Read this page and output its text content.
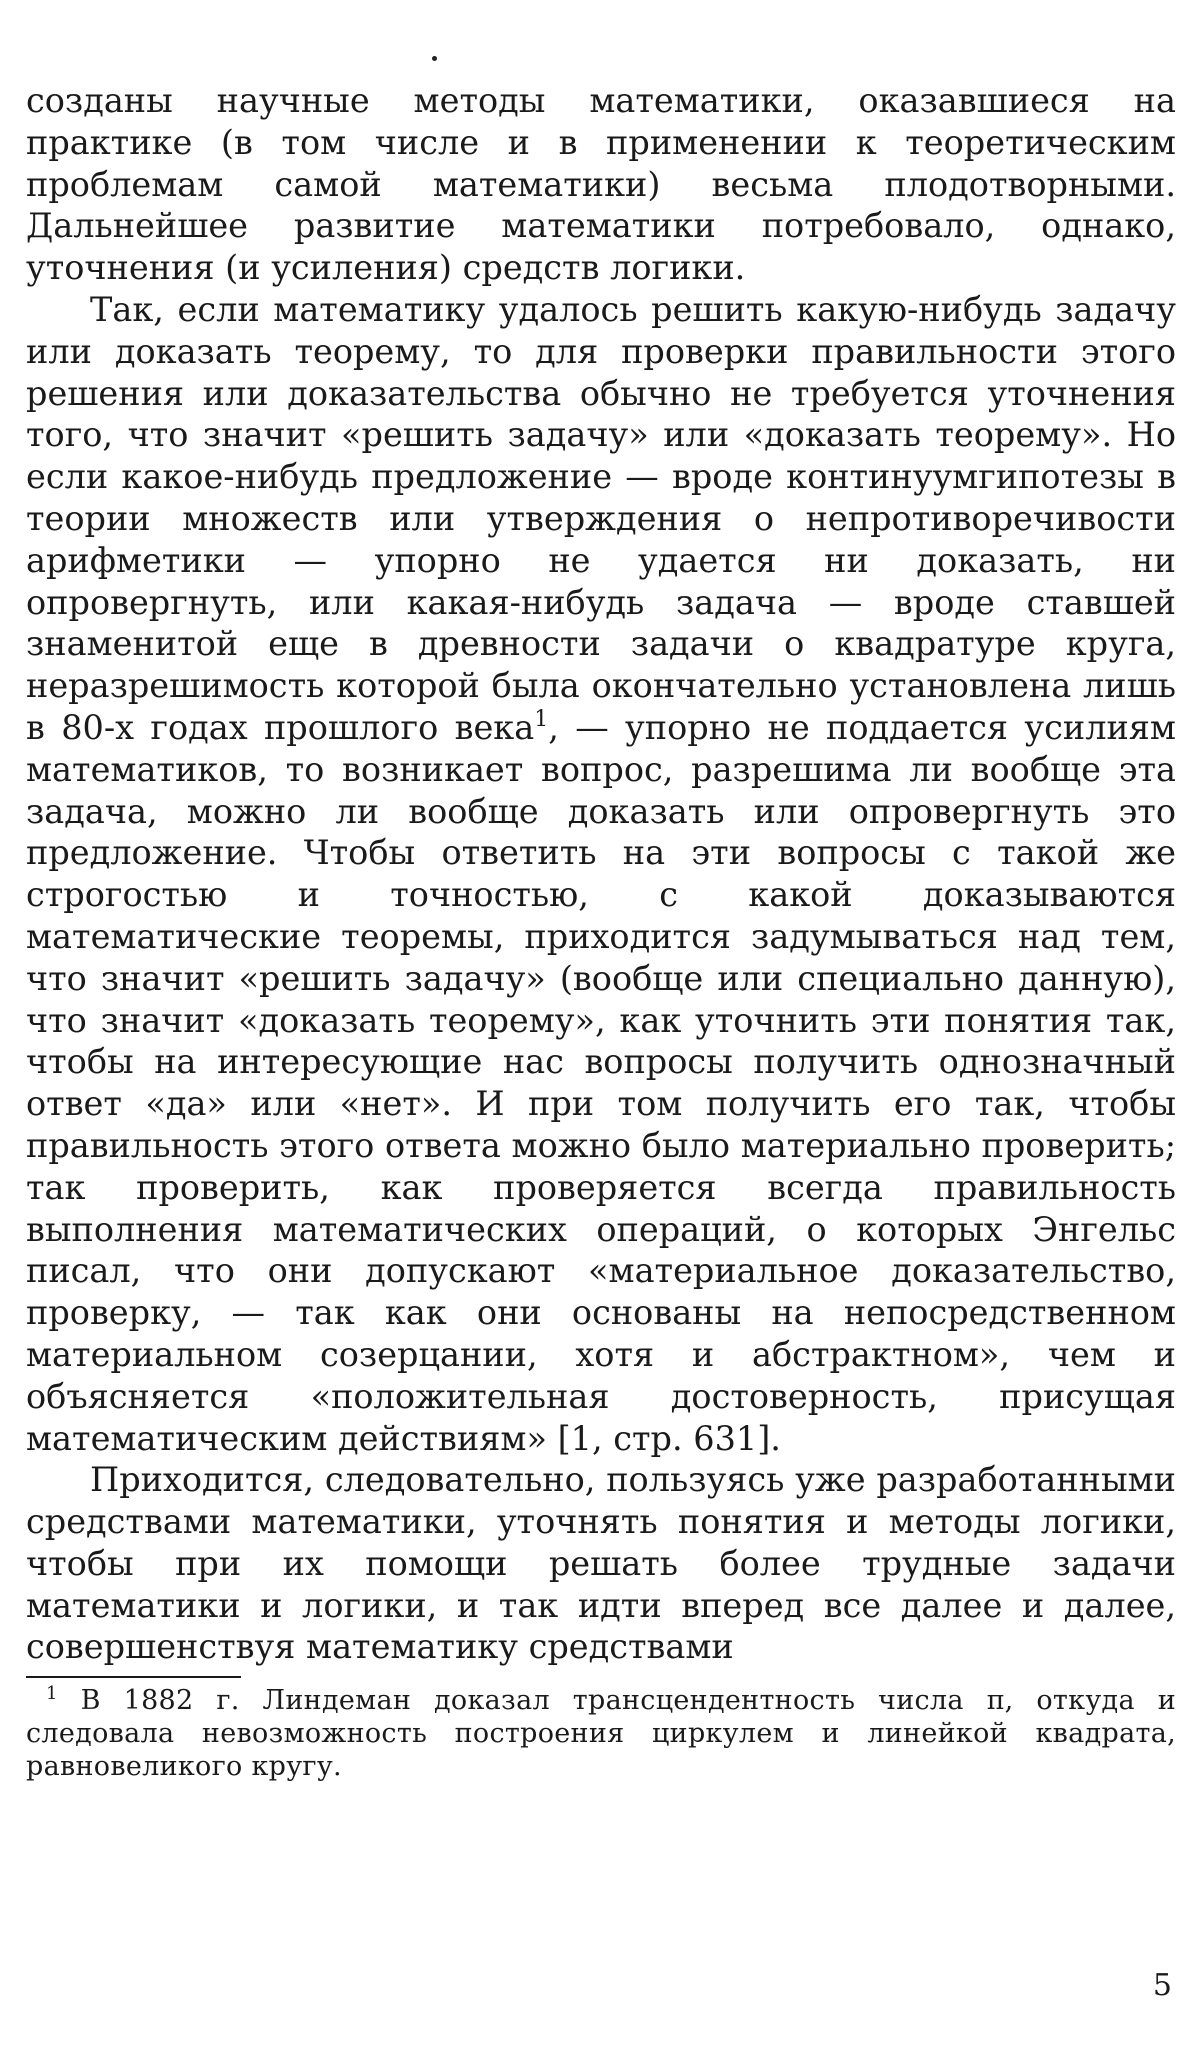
созданы научные методы математики, оказавшиеся на практике (в том числе и в применении к теоретическим проблемам самой математики) весьма плодотворными. Дальнейшее развитие математики потребовало, однако, уточнения (и усиления) средств логики.

Так, если математику удалось решить какую-нибудь задачу или доказать теорему, то для проверки правильности этого решения или доказательства обычно не требуется уточнения того, что значит «решить задачу» или «доказать теорему». Но если какое-нибудь предложение — вроде континуумгипотезы в теории множеств или утверждения о непротиворечивости арифметики — упорно не удается ни доказать, ни опровергнуть, или какая-нибудь задача — вроде ставшей знаменитой еще в древности задачи о квадратуре круга, неразрешимость которой была окончательно установлена лишь в 80-х годах прошлого века$^1$, — упорно не поддается усилиям математиков, то возникает вопрос, разрешима ли вообще эта задача, можно ли вообще доказать или опровергнуть это предложение. Чтобы ответить на эти вопросы с такой же строгостью и точностью, с какой доказываются математические теоремы, приходится задумываться над тем, что значит «решить задачу» (вообще или специально данную), что значит «доказать теорему», как уточнить эти понятия так, чтобы на интересующие нас вопросы получить однозначный ответ «да» или «нет». И при том получить его так, чтобы правильность этого ответа можно было материально проверить; так проверить, как проверяется всегда правильность выполнения математических операций, о которых Энгельс писал, что они допускают «материальное доказательство, проверку, — так как они основаны на непосредственном материальном созерцании, хотя и абстрактном», чем и объясняется «положительная достоверность, присущая математическим действиям» [1, стр. 631].

Приходится, следовательно, пользуясь уже разработанными средствами математики, уточнять понятия и методы логики, чтобы при их помощи решать более трудные задачи математики и логики, и так идти вперед все далее и далее, совершенствуя математику средствами

$^1$ В 1882 г. Линдеман доказал трансцендентность числа π, откуда и следовала невозможность построения циркулем и линейкой квадрата, равновеликого кругу.

5
